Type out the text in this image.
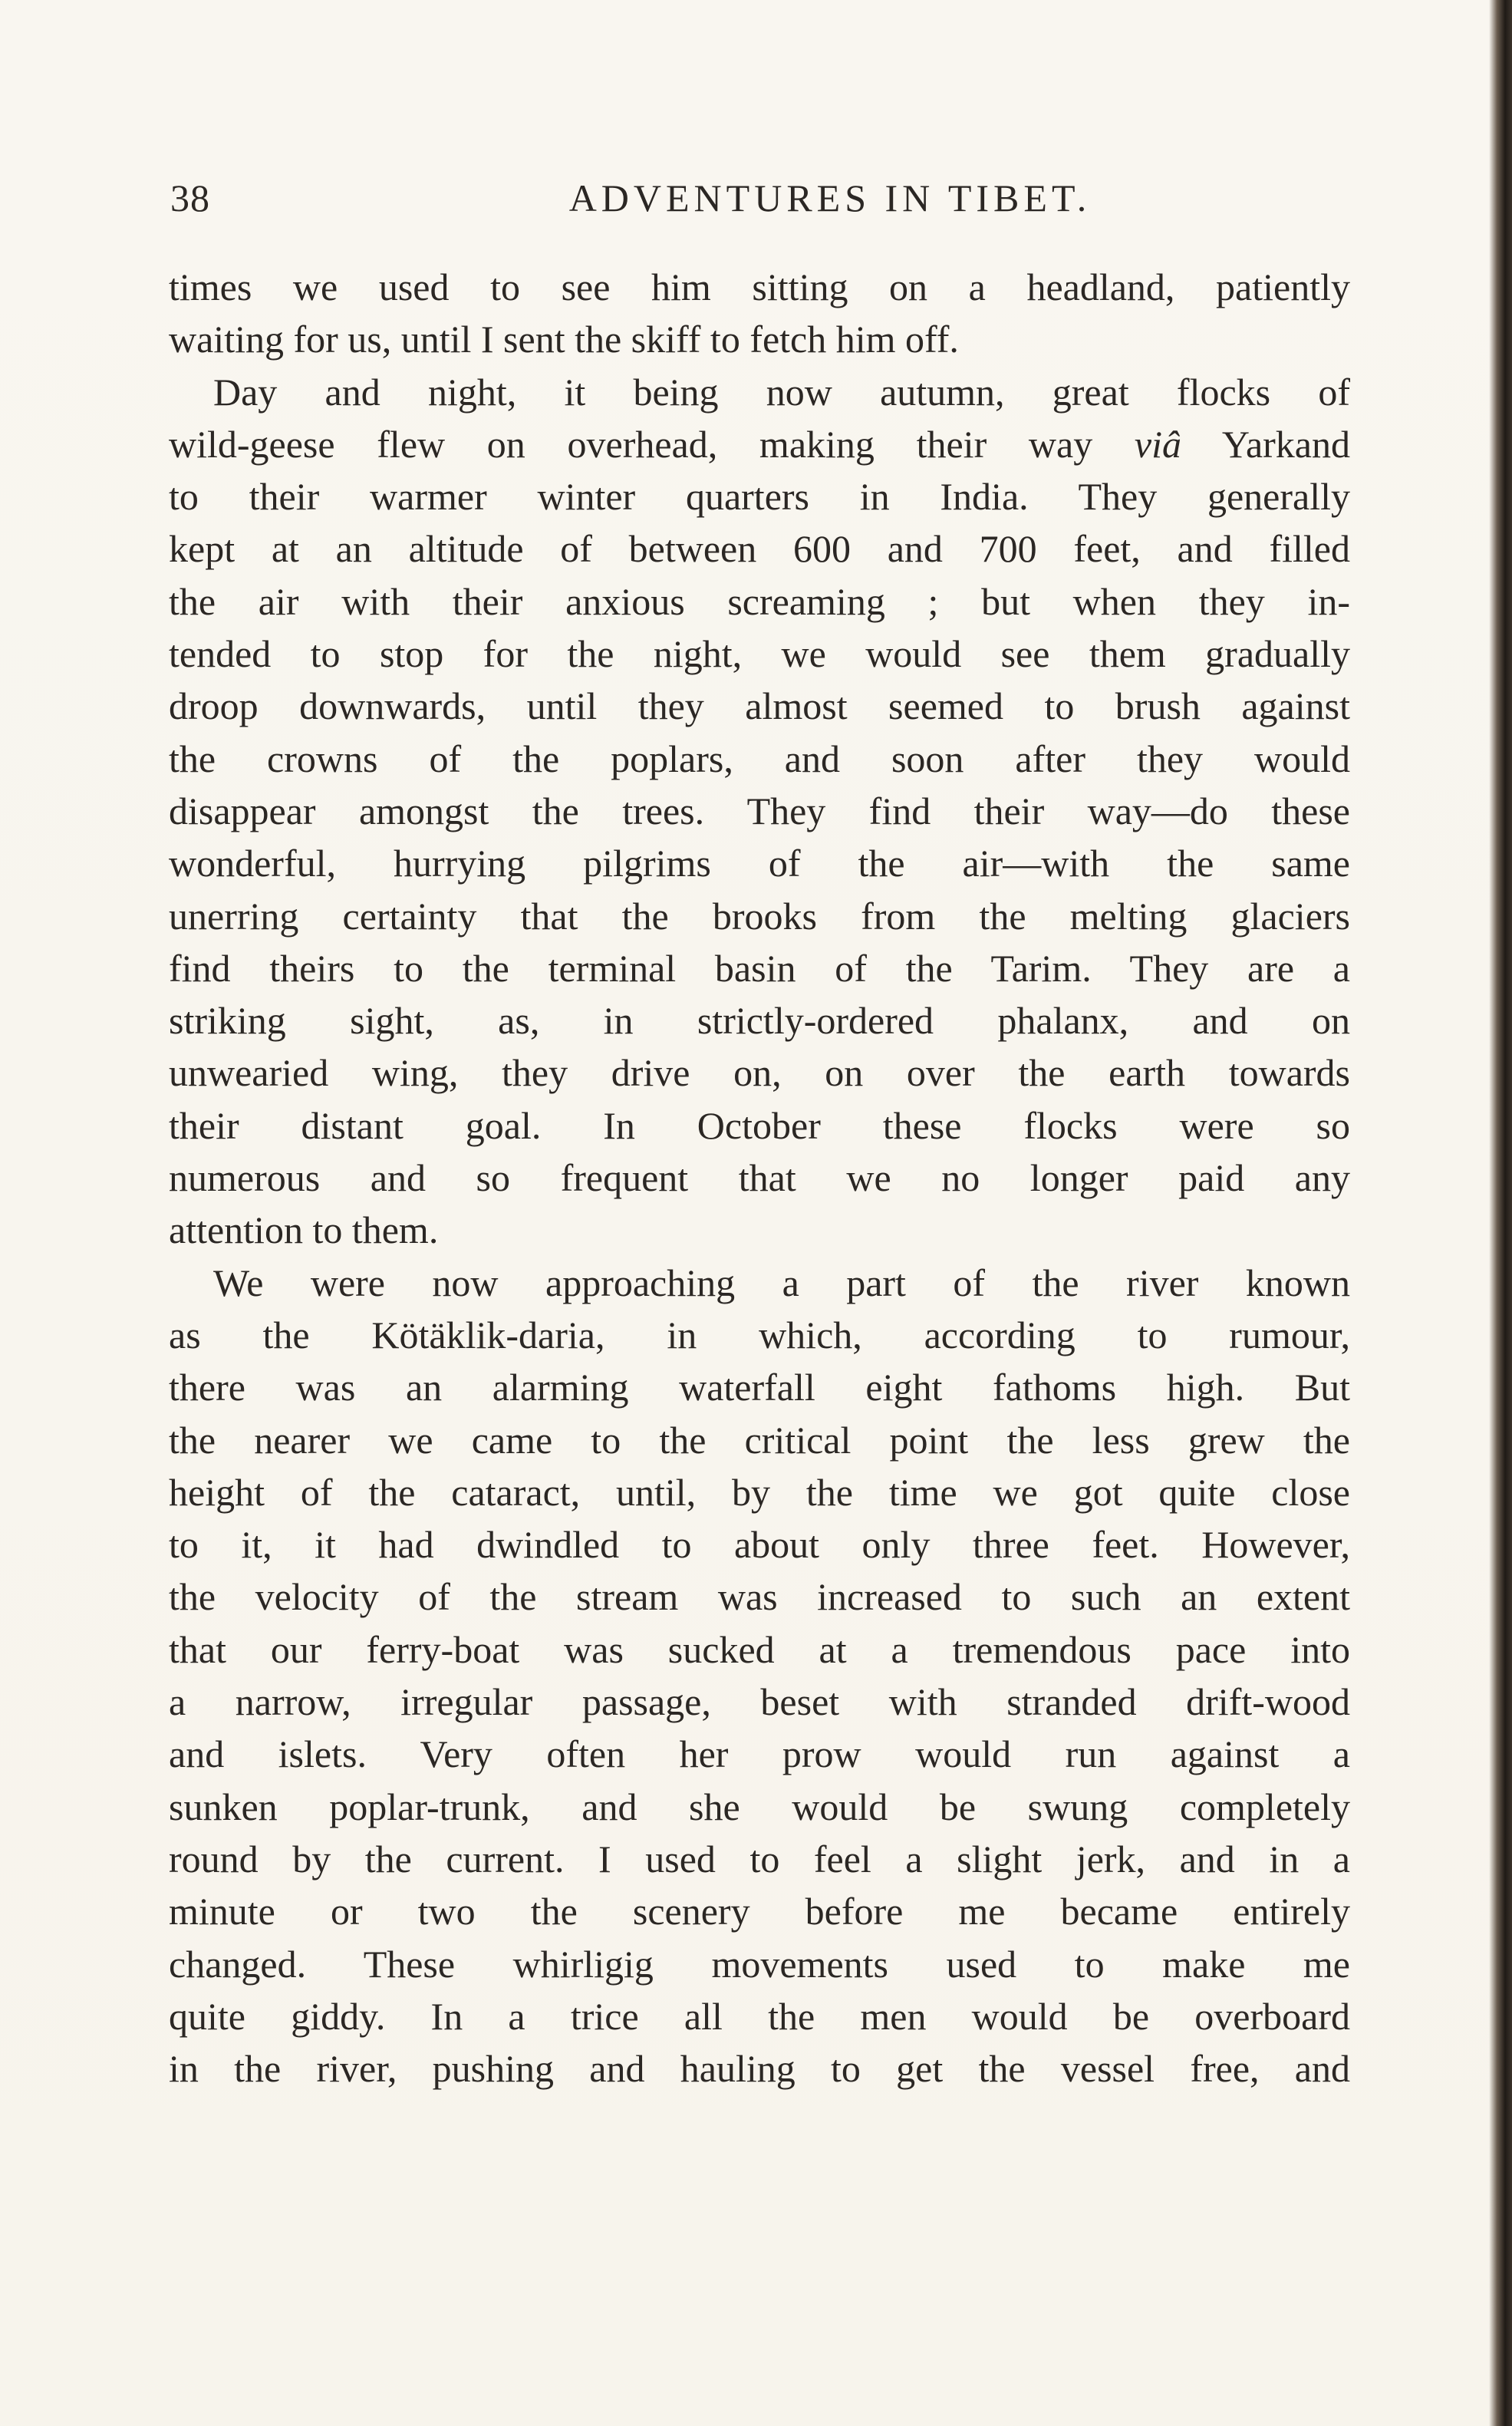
38	ADVENTURES IN TIBET.
times we used to see him sitting on a headland, patiently
waiting for us, until I sent the skiff to fetch him off.
Day and night, it being now autumn, great flocks of
wild-geese flew on overhead, making their way viâ Yarkand
to their warmer winter quarters in India. They generally
kept at an altitude of between 600 and 700 feet, and filled
the air with their anxious screaming ; but when they in-
tended to stop for the night, we would see them gradually
droop downwards, until they almost seemed to brush against
the crowns of the poplars, and soon after they would
disappear amongst the trees. They find their way—do these
wonderful, hurrying pilgrims of the air—with the same
unerring certainty that the brooks from the melting glaciers
find theirs to the terminal basin of the Tarim. They are a
striking sight, as, in strictly-ordered phalanx, and on
unwearied wing, they drive on, on over the earth towards
their distant goal. In October these flocks were so
numerous and so frequent that we no longer paid any
attention to them.
We were now approaching a part of the river known
as the Kötäklik-daria, in which, according to rumour,
there was an alarming waterfall eight fathoms high. But
the nearer we came to the critical point the less grew the
height of the cataract, until, by the time we got quite close
to it, it had dwindled to about only three feet. However,
the velocity of the stream was increased to such an extent
that our ferry-boat was sucked at a tremendous pace into
a narrow, irregular passage, beset with stranded drift-wood
and islets. Very often her prow would run against a
sunken poplar-trunk, and she would be swung completely
round by the current. I used to feel a slight jerk, and in a
minute or two the scenery before me became entirely
changed. These whirligig movements used to make me
quite giddy. In a trice all the men would be overboard
in the river, pushing and hauling to get the vessel free, and
